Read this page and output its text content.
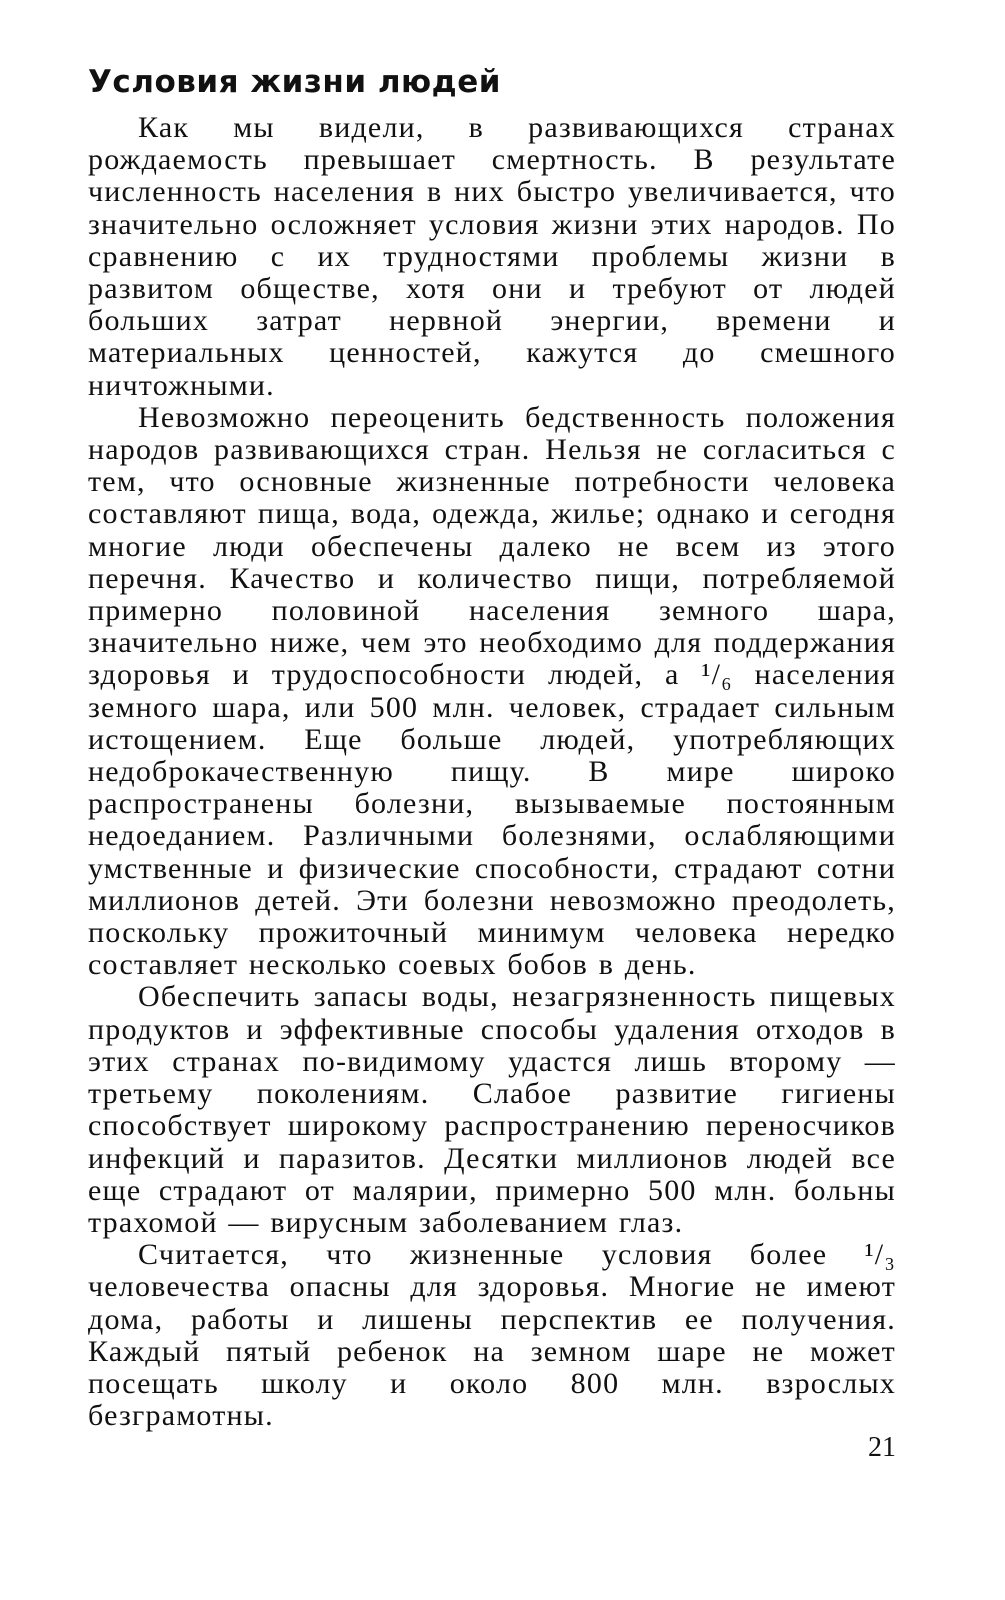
Условия жизни людей

Как мы видели, в развивающихся странах рождаемость превышает смертность. В результате численность населения в них быстро увеличивается, что значительно осложняет условия жизни этих народов. По сравнению с их трудностями проблемы жизни в развитом обществе, хотя они и требуют от людей больших затрат нервной энергии, времени и материальных ценностей, кажутся до смешного ничтожными.

Невозможно переоценить бедственность положения народов развивающихся стран. Нельзя не согласиться с тем, что основные жизненные потребности человека составляют пища, вода, одежда, жилье; однако и сегодня многие люди обеспечены далеко не всем из этого перечня. Качество и количество пищи, потребляемой примерно половиной населения земного шара, значительно ниже, чем это необходимо для поддержания здоровья и трудоспособности людей, а ¹/₆ населения земного шара, или 500 млн. человек, страдает сильным истощением. Еще больше людей, употребляющих недоброкачественную пищу. В мире широко распространены болезни, вызываемые постоянным недоеданием. Различными болезнями, ослабляющими умственные и физические способности, страдают сотни миллионов детей. Эти болезни невозможно преодолеть, поскольку прожиточный минимум человека нередко составляет несколько соевых бобов в день.

Обеспечить запасы воды, незагрязненность пищевых продуктов и эффективные способы удаления отходов в этих странах по-видимому удастся лишь второму — третьему поколениям. Слабое развитие гигиены способствует широкому распространению переносчиков инфекций и паразитов. Десятки миллионов людей все еще страдают от малярии, примерно 500 млн. больны трахомой — вирусным заболеванием глаз.

Считается, что жизненные условия более ¹/₃ человечества опасны для здоровья. Многие не имеют дома, работы и лишены перспектив ее получения. Каждый пятый ребенок на земном шаре не может посещать школу и около 800 млн. взрослых безграмотны.

21
